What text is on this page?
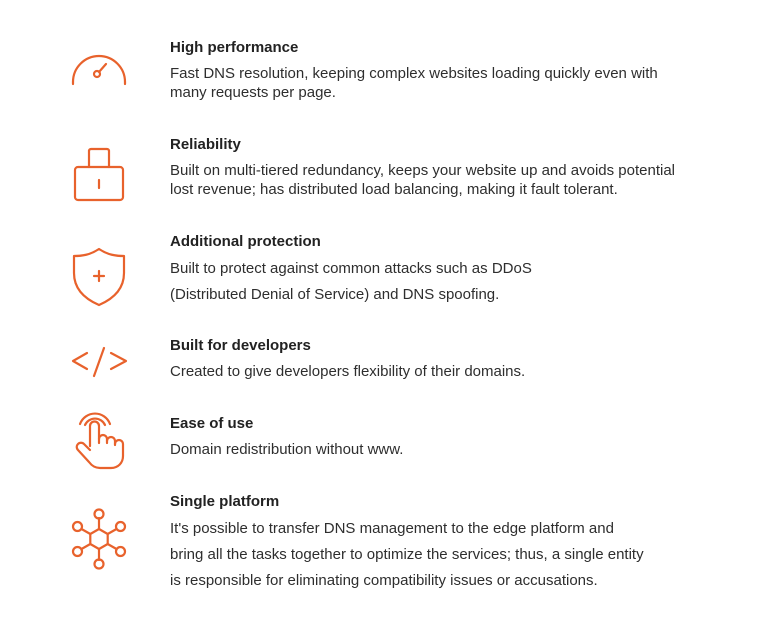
High performance

Fast DNS resolution, keeping complex websites loading quickly even with
many requests per page.

Reliability

Built on multi-tiered redundancy, keeps your website up and avoids potential
lost revenue; has distributed load balancing, making it fault tolerant.

Additional protection

Built to protect against common attacks such as DDoS
(Distributed Denial of Service) and DNS spoofing.

Built for developers

Created to give developers flexibility of their domains.

Ease of use

Domain redistribution without www.

Single platform

It's possible to transfer DNS management to the edge platform and
bring all the tasks together to optimize the services; thus, a single entity
is responsible for eliminating compatibility issues or accusations.
